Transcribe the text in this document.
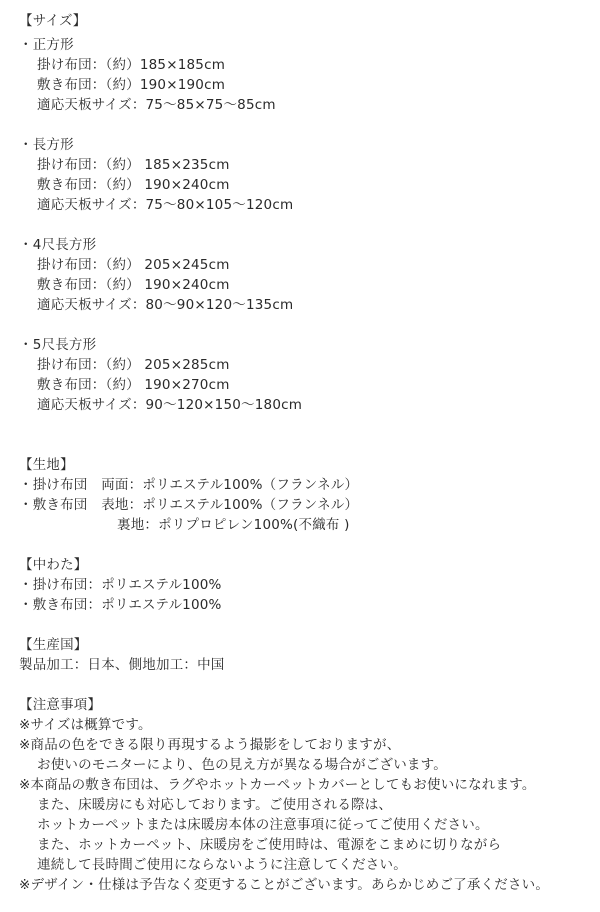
【サイズ】
・正方形
掛け布団：（約）185×185cm
敷き布団：（約）190×190cm
適応天板サイズ：75〜85×75〜85cm
・長方形
掛け布団：（約） 185×235cm
敷き布団：（約） 190×240cm
適応天板サイズ：75〜80×105〜120cm
・4尺長方形
掛け布団：（約） 205×245cm
敷き布団：（約） 190×240cm
適応天板サイズ：80〜90×120〜135cm
・5尺長方形
掛け布団：（約） 205×285cm
敷き布団：（約） 190×270cm
適応天板サイズ：90〜120×150〜180cm
【生地】
・掛け布団　両面：ポリエステル100%（フランネル）
・敷き布団　表地：ポリエステル100%（フランネル）
裏地：ポリプロピレン100%(不織布 )
【中わた】
・掛け布団：ポリエステル100%
・敷き布団：ポリエステル100%
【生産国】
製品加工：日本、側地加工：中国
【注意事項】
※サイズは概算です。
※商品の色をできる限り再現するよう撮影をしておりますが、
お使いのモニターにより、色の見え方が異なる場合がございます。
※本商品の敷き布団は、ラグやホットカーペットカバーとしてもお使いになれます。
また、床暖房にも対応しております。ご使用される際は、
ホットカーペットまたは床暖房本体の注意事項に従ってご使用ください。
また、ホットカーペット、床暖房をご使用時は、電源をこまめに切りながら
連続して長時間ご使用にならないように注意してください。
※デザイン・仕様は予告なく変更することがございます。あらかじめご了承ください。
